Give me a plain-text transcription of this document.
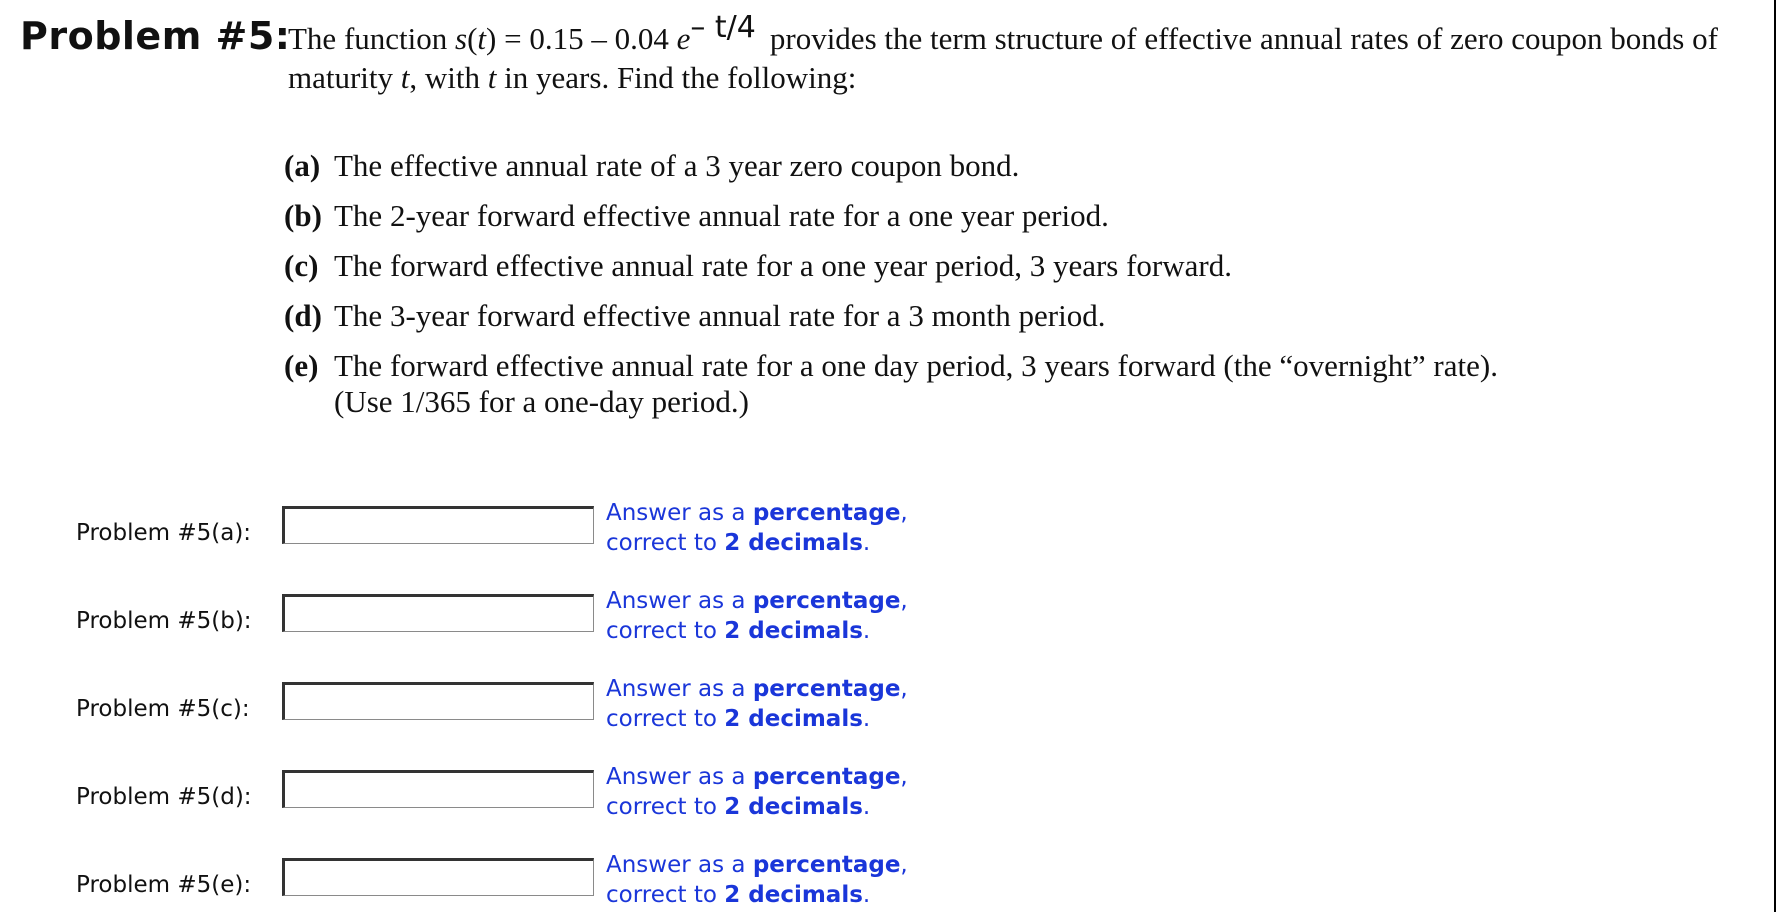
Problem #5:
The function s(t) = 0.15 – 0.04 e– t/4 provides the term structure of effective annual rates of zero coupon bonds of
maturity t, with t in years. Find the following:
(a) The effective annual rate of a 3 year zero coupon bond.
(b) The 2-year forward effective annual rate for a one year period.
(c) The forward effective annual rate for a one year period, 3 years forward.
(d) The 3-year forward effective annual rate for a 3 month period.
(e) The forward effective annual rate for a one day period, 3 years forward (the “overnight” rate).
(Use 1/365 for a one-day period.)
Problem #5(a):
Answer as a percentage,
correct to 2 decimals.
Problem #5(b):
Answer as a percentage,
correct to 2 decimals.
Problem #5(c):
Answer as a percentage,
correct to 2 decimals.
Problem #5(d):
Answer as a percentage,
correct to 2 decimals.
Problem #5(e):
Answer as a percentage,
correct to 2 decimals.
